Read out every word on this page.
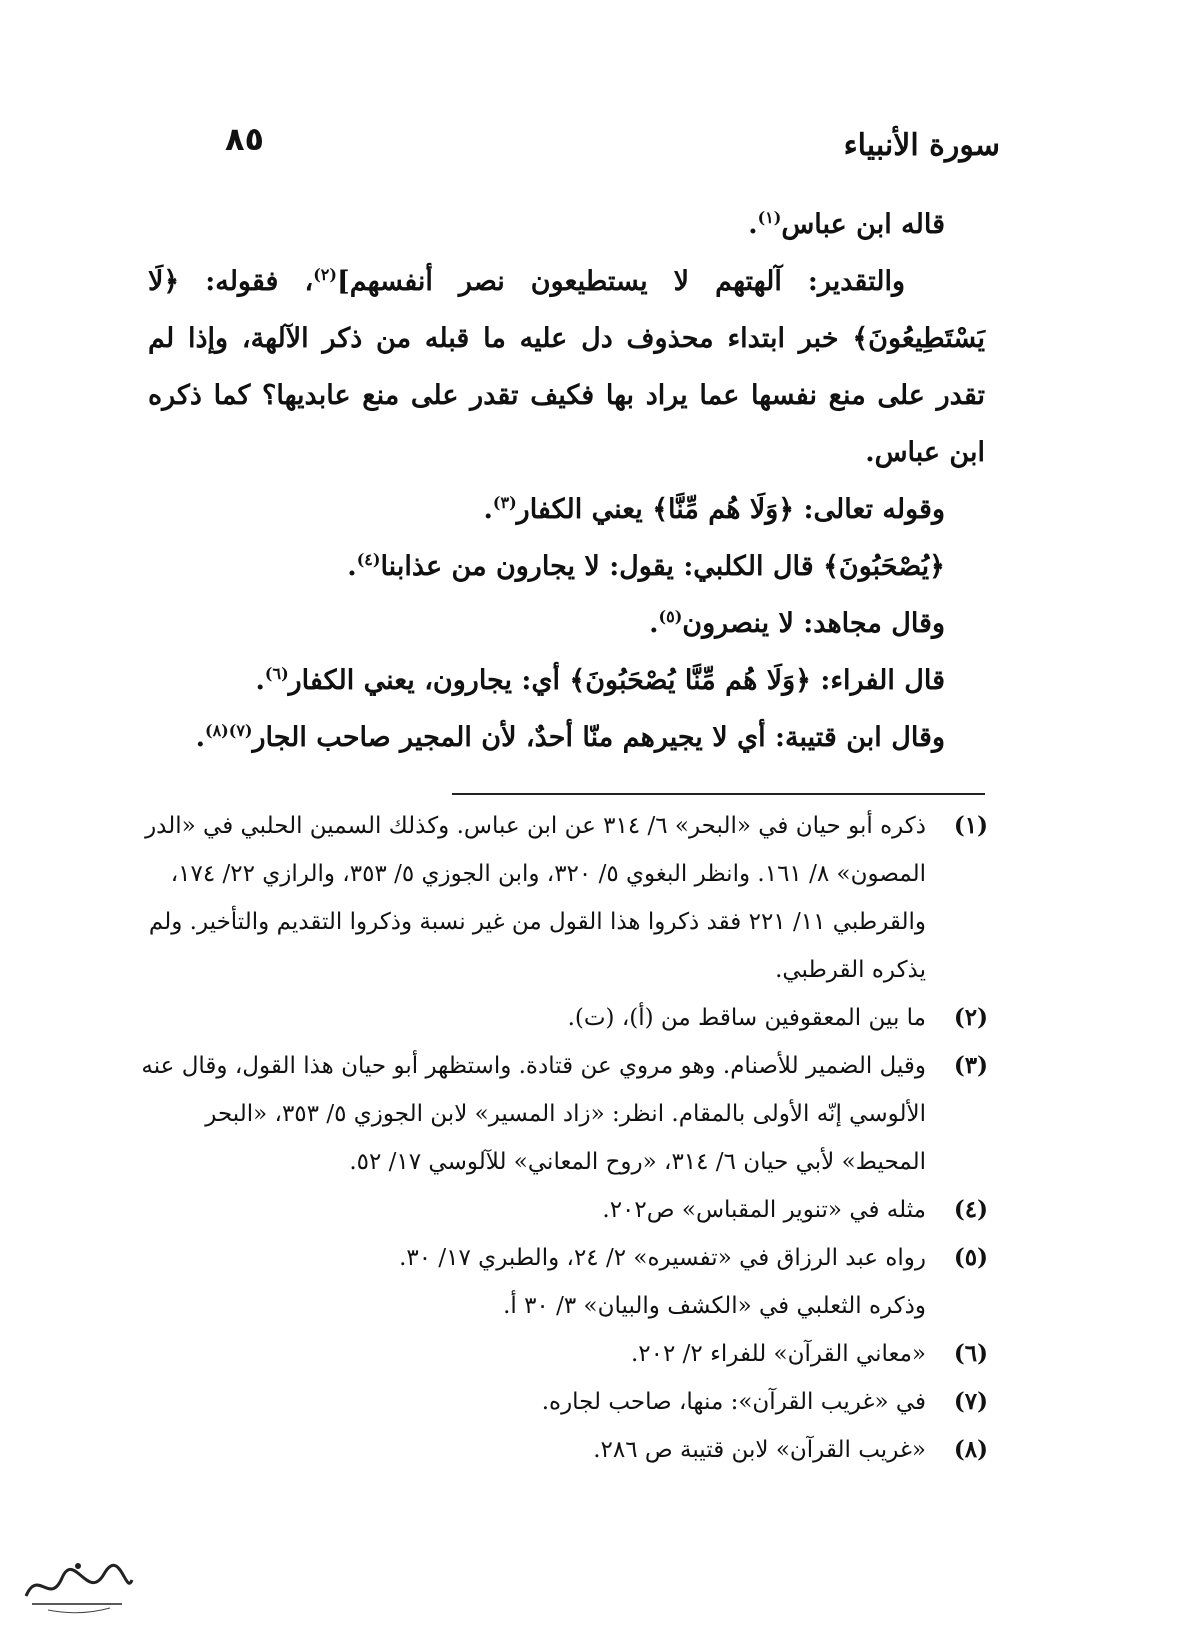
٨٥	سورة الأنبياء

قاله ابن عباس$^{(١)}$.

والتقدير: آلهتهم لا يستطيعون نصر أنفسهم]$^{(٢)}$، فقوله: ﴿لَا يَسْتَطِيعُونَ﴾ خبر ابتداء محذوف دل عليه ما قبله من ذكر الآلهة، وإذا لم تقدر على منع نفسها عما يراد بها فكيف تقدر على منع عابديها؟ كما ذكره ابن عباس.

وقوله تعالى: ﴿وَلَا هُم مِّنَّا﴾ يعني الكفار$^{(٣)}$.

﴿يُصْحَبُونَ﴾ قال الكلبي: يقول: لا يجارون من عذابنا$^{(٤)}$.

وقال مجاهد: لا ينصرون$^{(٥)}$.

قال الفراء: ﴿وَلَا هُم مِّنَّا يُصْحَبُونَ﴾ أي: يجارون، يعني الكفار$^{(٦)}$.

وقال ابن قتيبة: أي لا يجيرهم منّا أحدٌ، لأن المجير صاحب الجار$^{(٧)(٨)}$.

(١)
ذكره أبو حيان في «البحر» ٦/ ٣١٤ عن ابن عباس. وكذلك السمين الحلبي في «الدر المصون» ٨/ ١٦١. وانظر البغوي ٥/ ٣٢٠، وابن الجوزي ٥/ ٣٥٣، والرازي ٢٢/ ١٧٤، والقرطبي ١١/ ٢٢١ فقد ذكروا هذا القول من غير نسبة وذكروا التقديم والتأخير. ولم يذكره القرطبي.
(٢)
ما بين المعقوفين ساقط من (أ)، (ت).
(٣)
وقيل الضمير للأصنام. وهو مروي عن قتادة. واستظهر أبو حيان هذا القول، وقال عنه الألوسي إنّه الأولى بالمقام. انظر: «زاد المسير» لابن الجوزي ٥/ ٣٥٣، «البحر المحيط» لأبي حيان ٦/ ٣١٤، «روح المعاني» للآلوسي ١٧/ ٥٢.
(٤)
مثله في «تنوير المقباس» ص٢٠٢.
(٥)
رواه عبد الرزاق في «تفسيره» ٢/ ٢٤، والطبري ١٧/ ٣٠.
وذكره الثعلبي في «الكشف والبيان» ٣/ ٣٠ أ.
(٦)
«معاني القرآن» للفراء ٢/ ٢٠٢.
(٧)
في «غريب القرآن»: منها، صاحب لجاره.
(٨)
«غريب القرآن» لابن قتيبة ص ٢٨٦.
